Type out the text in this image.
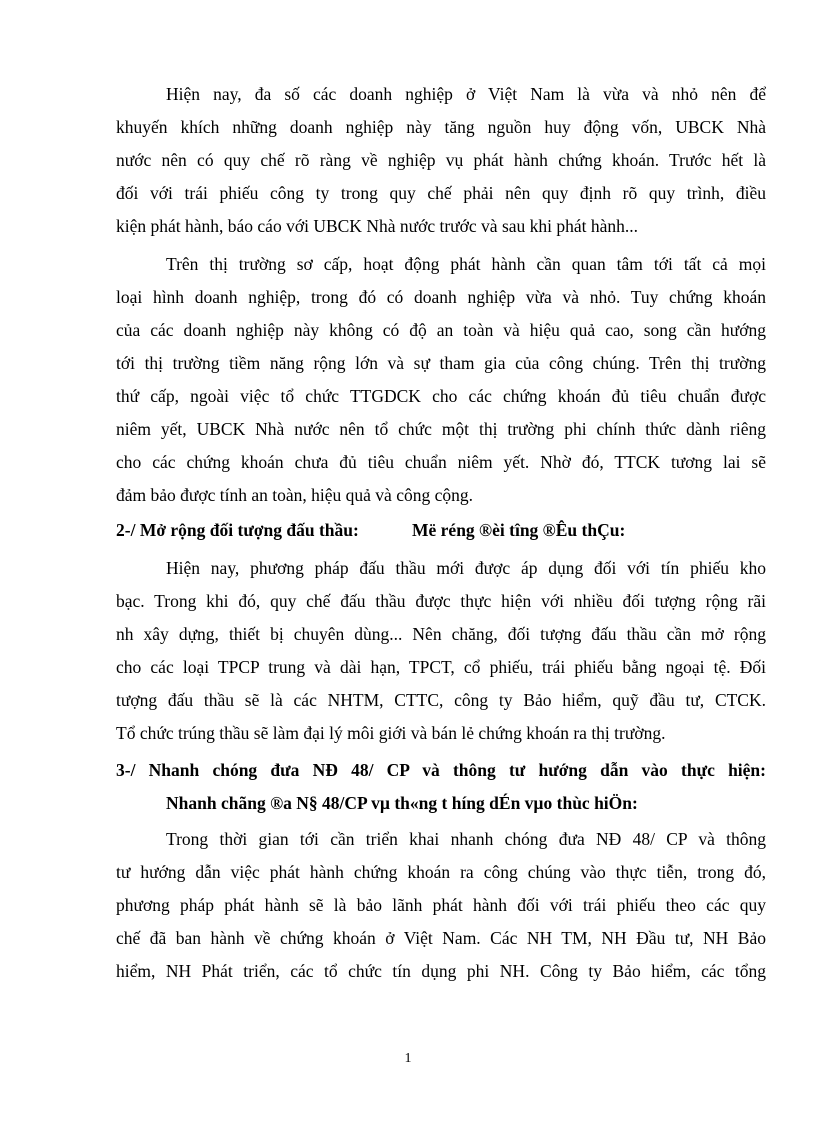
Hiện nay, đa số các doanh nghiệp ở Việt Nam là vừa và nhỏ nên để
khuyến khích những doanh nghiệp này tăng nguồn huy động vốn, UBCK Nhà
nước nên có quy chế rõ ràng về nghiệp vụ phát hành chứng khoán. Trước hết là
đối với trái phiếu công ty trong quy chế phải nên quy định rõ quy trình, điều
kiện phát hành, báo cáo với UBCK Nhà nước trước và sau khi phát hành...
Trên thị trường sơ cấp, hoạt động phát hành cần quan tâm tới tất cả mọi
loại hình doanh nghiệp, trong đó có doanh nghiệp vừa và nhỏ. Tuy chứng khoán
của các doanh nghiệp này không có độ an toàn và hiệu quả cao, song cần hướng
tới thị trường tiềm năng rộng lớn và sự tham gia của công chúng. Trên thị trường
thứ cấp, ngoài việc tổ chức TTGDCK cho các chứng khoán đủ tiêu chuẩn được
niêm yết, UBCK Nhà nước nên tổ chức một thị trường phi chính thức dành riêng
cho các chứng khoán chưa đủ tiêu chuẩn niêm yết. Nhờ đó, TTCK tương lai sẽ
đảm bảo được tính an toàn, hiệu quả và công cộng.
2-/ Mở rộng đối tượng đấu thầu:	Më réng ®èi tîng ®Êu thÇu:
Hiện nay, phương pháp đấu thầu mới được áp dụng đối với tín phiếu kho
bạc. Trong khi đó, quy chế đấu thầu được thực hiện với nhiều đối tượng rộng rãi
nh xây dựng, thiết bị chuyên dùng... Nên chăng, đối tượng đấu thầu cần mở rộng
cho các loại TPCP trung và dài hạn, TPCT, cổ phiếu, trái phiếu bằng ngoại tệ. Đối
tượng đấu thầu sẽ là các NHTM, CTTC, công ty Bảo hiểm, quỹ đầu tư, CTCK.
Tổ chức trúng thầu sẽ làm đại lý môi giới và bán lẻ chứng khoán ra thị trường.
3-/ Nhanh chóng đưa NĐ 48/ CP và thông tư hướng dẫn vào thực hiện:
Nhanh chãng ®a N§ 48/CP vµ th«ng t híng dÉn vµo thùc hiÖn:
Trong thời gian tới cần triển khai nhanh chóng đưa NĐ 48/ CP và thông
tư hướng dẫn việc phát hành chứng khoán ra công chúng vào thực tiễn, trong đó,
phương pháp phát hành sẽ là bảo lãnh phát hành đối với trái phiếu theo các quy
chế đã ban hành về chứng khoán ở Việt Nam. Các NH TM, NH Đầu tư, NH Bảo
hiểm, NH Phát triển, các tổ chức tín dụng phi NH. Công ty Bảo hiểm, các tổng
1
